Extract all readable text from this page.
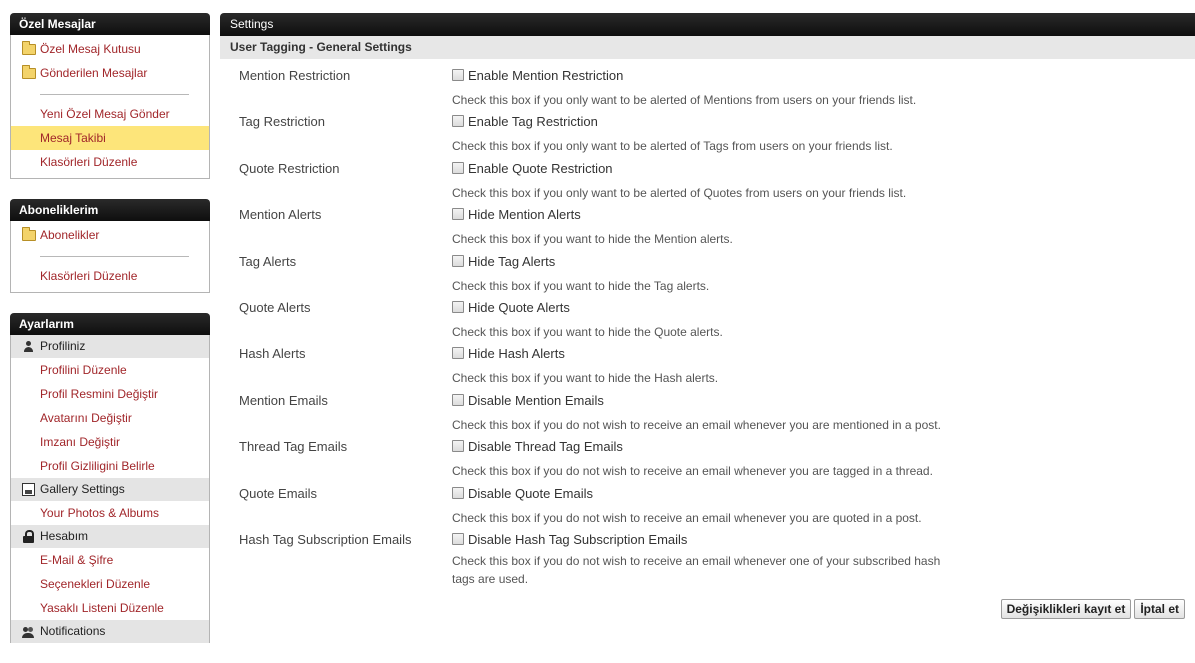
Özel Mesajlar
Özel Mesaj Kutusu
Gönderilen Mesajlar
Yeni Özel Mesaj Gönder
Mesaj Takibi
Klasörleri Düzenle
Aboneliklerim
Abonelikler
Klasörleri Düzenle
Ayarlarım
Profiliniz
Profilini Düzenle
Profil Resmini Değiştir
Avatarını Değiştir
Imzanı Değiştir
Profil Gizliligini Belirle
Gallery Settings
Your Photos & Albums
Hesabım
E-Mail & Şifre
Seçenekleri Düzenle
Yasaklı Listeni Düzenle
Notifications
Settings
User Tagging - General Settings
Mention Restriction	Enable Mention Restriction
Check this box if you only want to be alerted of Mentions from users on your friends list.
Tag Restriction	Enable Tag Restriction
Check this box if you only want to be alerted of Tags from users on your friends list.
Quote Restriction	Enable Quote Restriction
Check this box if you only want to be alerted of Quotes from users on your friends list.
Mention Alerts	Hide Mention Alerts
Check this box if you want to hide the Mention alerts.
Tag Alerts	Hide Tag Alerts
Check this box if you want to hide the Tag alerts.
Quote Alerts	Hide Quote Alerts
Check this box if you want to hide the Quote alerts.
Hash Alerts	Hide Hash Alerts
Check this box if you want to hide the Hash alerts.
Mention Emails	Disable Mention Emails
Check this box if you do not wish to receive an email whenever you are mentioned in a post.
Thread Tag Emails	Disable Thread Tag Emails
Check this box if you do not wish to receive an email whenever you are tagged in a thread.
Quote Emails	Disable Quote Emails
Check this box if you do not wish to receive an email whenever you are quoted in a post.
Hash Tag Subscription Emails	Disable Hash Tag Subscription Emails
Check this box if you do not wish to receive an email whenever one of your subscribed hash tags are used.
Değişiklikleri kayıt et İptal et
